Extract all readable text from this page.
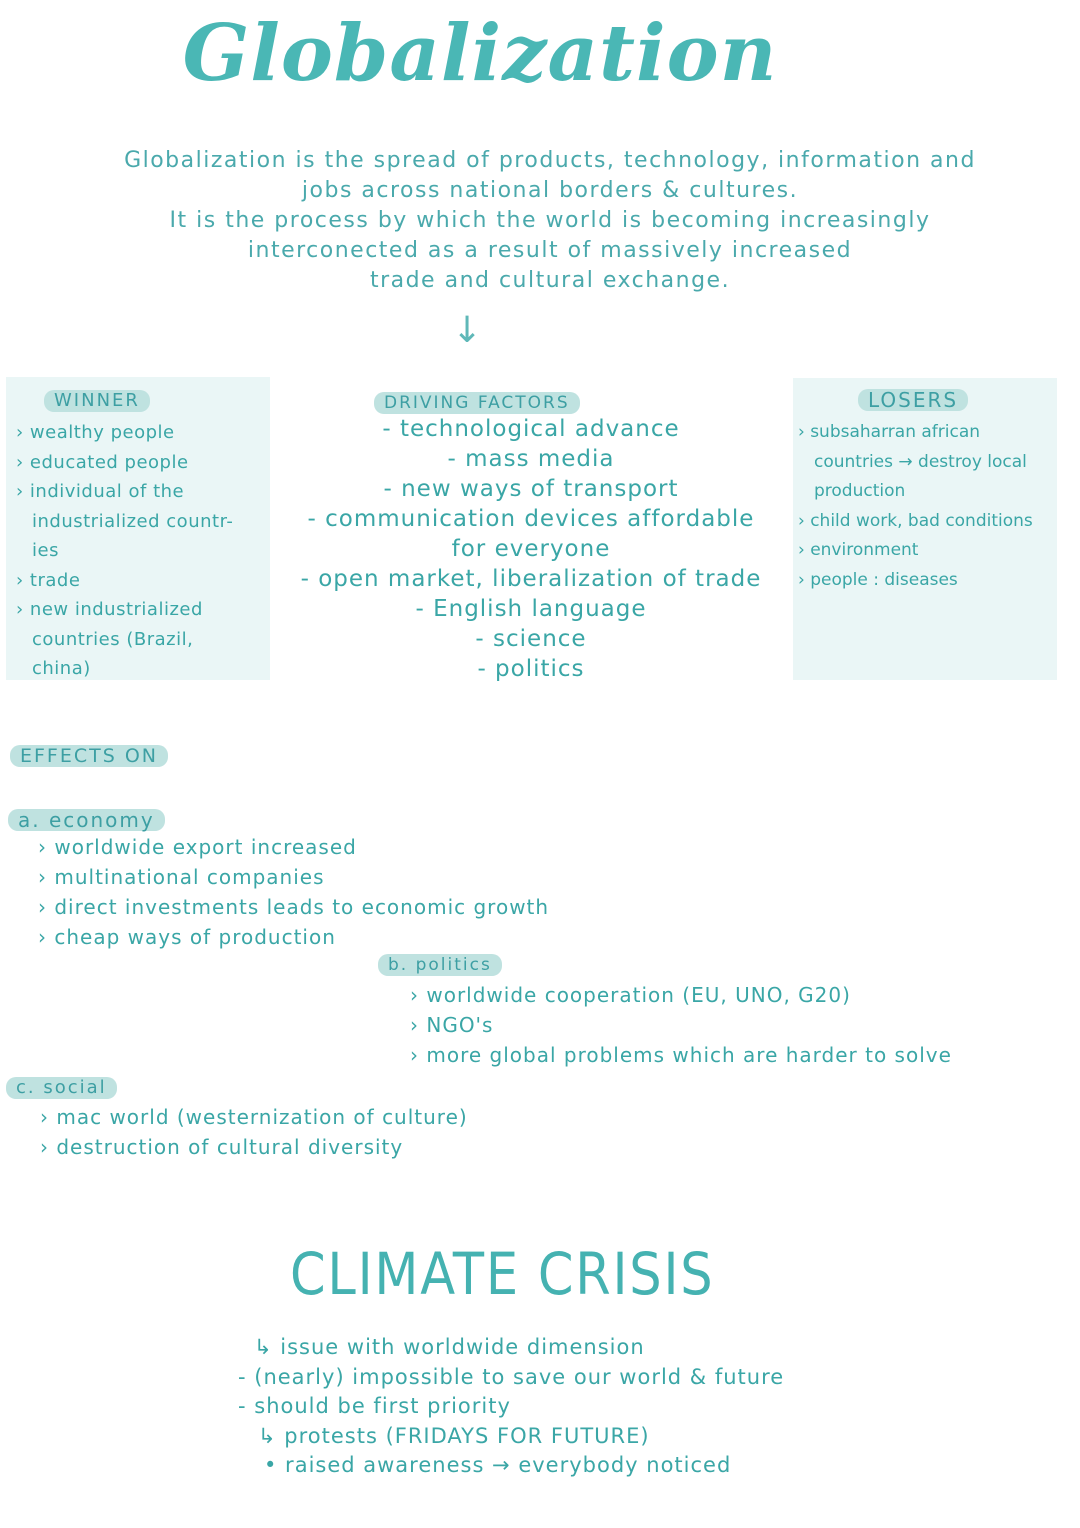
Globalization
Globalization is the spread of products, technology, information and
jobs across national borders & cultures.
It is the process by which the world is becoming increasingly
interconected as a result of massively increased
trade and cultural exchange.
↓
WINNER
› wealthy people
› educated people
› individual of the
industrialized countr-
ies
› trade
› new industrialized
countries (Brazil,
china)
DRIVING FACTORS
- technological advance
- mass media
- new ways of transport
- communication devices affordable
for everyone
- open market, liberalization of trade
- English language
- science
- politics
LOSERS
› subsaharran african
countries → destroy local
production
› child work, bad conditions
› environment
› people : diseases
EFFECTS ON
a. economy
› worldwide export increased
› multinational companies
› direct investments leads to economic growth
› cheap ways of production
b. politics
› worldwide cooperation (EU, UNO, G20)
› NGO's
› more global problems which are harder to solve
c. social
› mac world (westernization of culture)
› destruction of cultural diversity
CLIMATE CRISIS
↳ issue with worldwide dimension
- (nearly) impossible to save our world & future
- should be first priority
↳ protests (FRIDAYS FOR FUTURE)
• raised awareness → everybody noticed
